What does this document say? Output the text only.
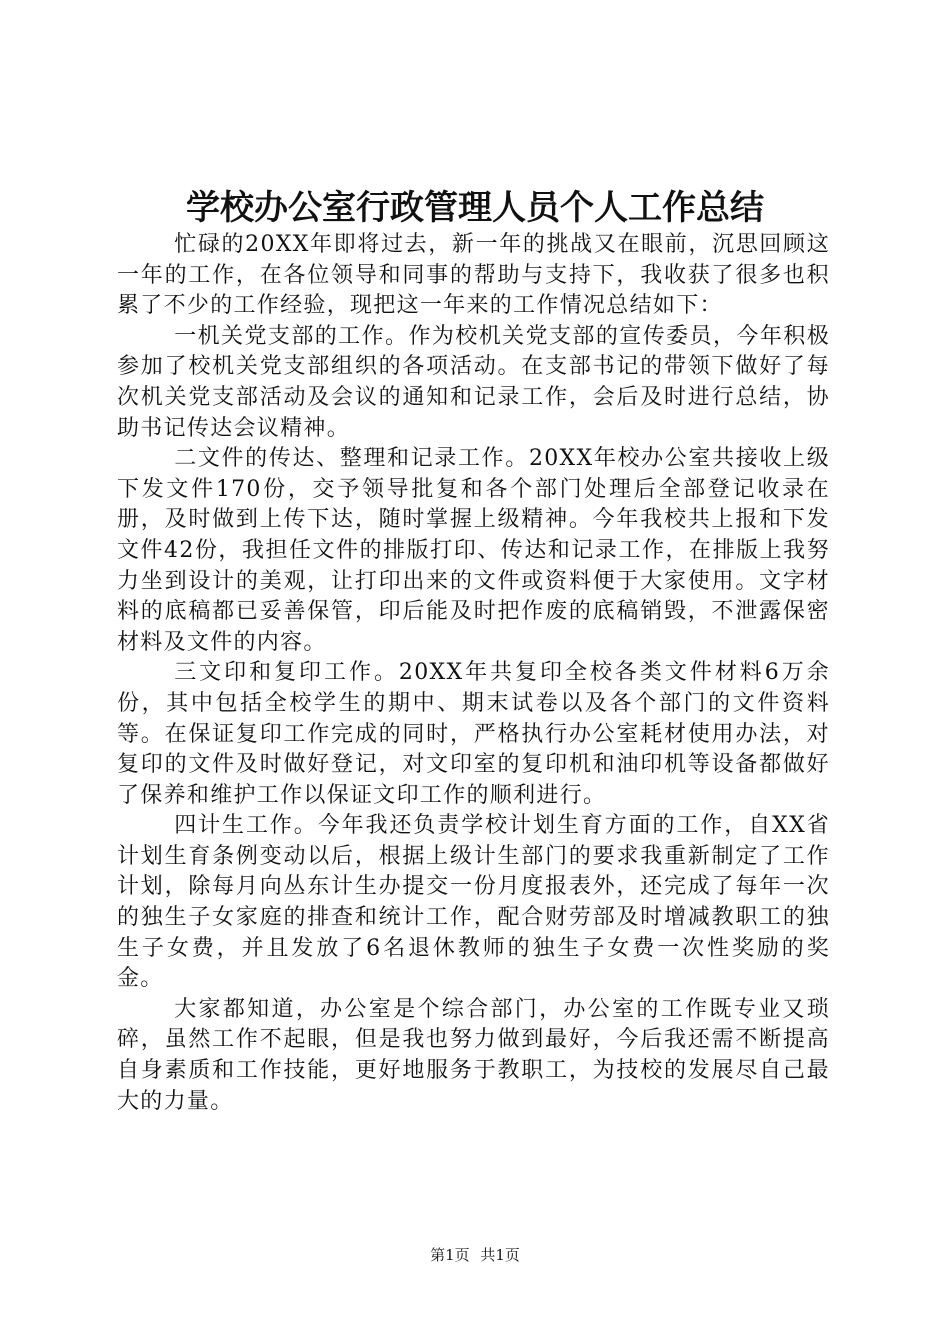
学校办公室行政管理人员个人工作总结

忙碌的20XX年即将过去，新一年的挑战又在眼前，沉思回顾这一年的工作，在各位领导和同事的帮助与支持下，我收获了很多也积累了不少的工作经验，现把这一年来的工作情况总结如下：

一机关党支部的工作。作为校机关党支部的宣传委员，今年积极参加了校机关党支部组织的各项活动。在支部书记的带领下做好了每次机关党支部活动及会议的通知和记录工作，会后及时进行总结，协助书记传达会议精神。

二文件的传达、整理和记录工作。20XX年校办公室共接收上级下发文件170份，交予领导批复和各个部门处理后全部登记收录在册，及时做到上传下达，随时掌握上级精神。今年我校共上报和下发文件42份，我担任文件的排版打印、传达和记录工作，在排版上我努力坐到设计的美观，让打印出来的文件或资料便于大家使用。文字材料的底稿都已妥善保管，印后能及时把作废的底稿销毁，不泄露保密材料及文件的内容。

三文印和复印工作。20XX年共复印全校各类文件材料6万余份，其中包括全校学生的期中、期末试卷以及各个部门的文件资料等。在保证复印工作完成的同时，严格执行办公室耗材使用办法，对复印的文件及时做好登记，对文印室的复印机和油印机等设备都做好了保养和维护工作以保证文印工作的顺利进行。

四计生工作。今年我还负责学校计划生育方面的工作，自XX省计划生育条例变动以后，根据上级计生部门的要求我重新制定了工作计划，除每月向丛东计生办提交一份月度报表外，还完成了每年一次的独生子女家庭的排查和统计工作，配合财劳部及时增减教职工的独生子女费，并且发放了6名退休教师的独生子女费一次性奖励的奖金。

大家都知道，办公室是个综合部门，办公室的工作既专业又琐碎，虽然工作不起眼，但是我也努力做到最好，今后我还需不断提高自身素质和工作技能，更好地服务于教职工，为技校的发展尽自己最大的力量。

第1页 共1页
